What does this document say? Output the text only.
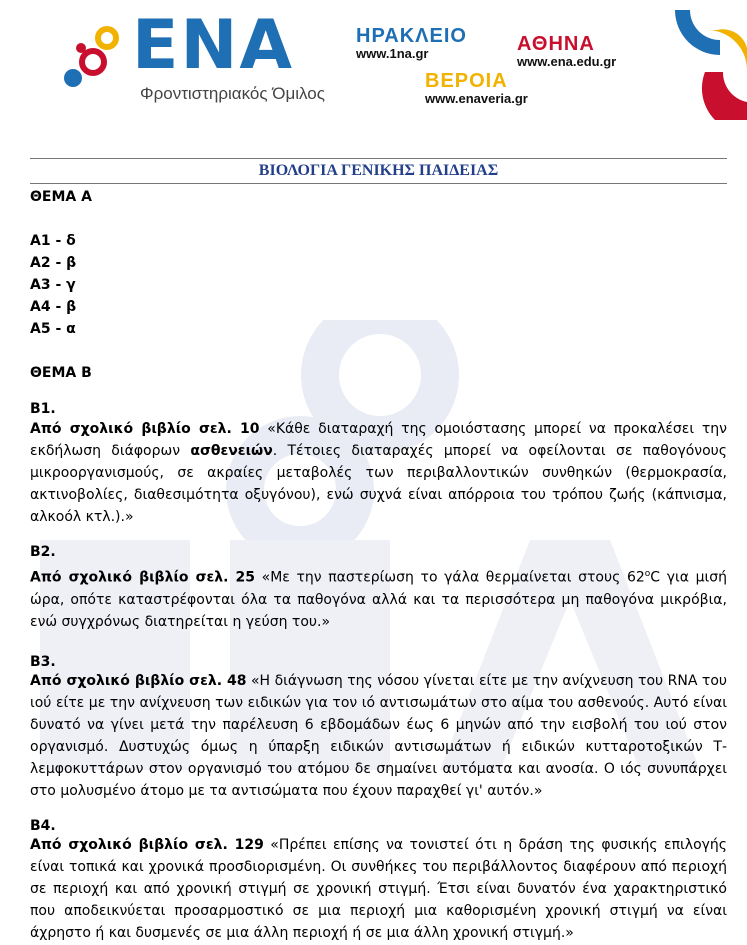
ENA
Φροντιστηριακός Όμιλος
ΗΡΑΚΛΕΙΟ
www.1na.gr	ΑΘΗΝΑ
www.ena.edu.gr
ΒΕΡΟΙΑ
www.enaveria.gr
ΒΙΟΛΟΓΙΑ ΓΕΝΙΚΗΣ ΠΑΙΔΕΙΑΣ
ΘΕΜΑ Α
Α1 - δ
Α2 - β
Α3 - γ
Α4 - β
Α5 - α
ΘΕΜΑ Β
Β1.
Από σχολικό βιβλίο σελ. 10 «Κάθε διαταραχή της ομοιόστασης μπορεί να προκαλέσει την εκδήλωση διάφορων ασθενειών. Τέτοιες διαταραχές μπορεί να οφείλονται σε παθογόνους μικροοργανισμούς, σε ακραίες μεταβολές των περιβαλλοντικών συνθηκών (θερμοκρασία, ακτινοβολίες, διαθεσιμότητα οξυγόνου), ενώ συχνά είναι απόρροια του τρόπου ζωής (κάπνισμα, αλκοόλ κτλ.).»
Β2.
Από σχολικό βιβλίο σελ. 25 «Με την παστερίωση το γάλα θερμαίνεται στους 62$^o$C για μισή ώρα, οπότε καταστρέφονται όλα τα παθογόνα αλλά και τα περισσότερα μη παθογόνα μικρόβια, ενώ συγχρόνως διατηρείται η γεύση του.»
Β3.
Από σχολικό βιβλίο σελ. 48 «Η διάγνωση της νόσου γίνεται είτε με την ανίχνευση του RNA του ιού είτε με την ανίχνευση των ειδικών για τον ιό αντισωμάτων στο αίμα του ασθενούς. Αυτό είναι δυνατό να γίνει μετά την παρέλευση 6 εβδομάδων έως 6 μηνών από την εισβολή του ιού στον οργανισμό. Δυστυχώς όμως η ύπαρξη ειδικών αντισωμάτων ή ειδικών κυτταροτοξικών Τ-λεμφοκυττάρων στον οργανισμό του ατόμου δε σημαίνει αυτόματα και ανοσία. Ο ιός συνυπάρχει στο μολυσμένο άτομο με τα αντισώματα που έχουν παραχθεί γι' αυτόν.»
Β4.
Από σχολικό βιβλίο σελ. 129 «Πρέπει επίσης να τονιστεί ότι η δράση της φυσικής επιλογής είναι τοπικά και χρονικά προσδιορισμένη. Οι συνθήκες του περιβάλλοντος διαφέρουν από περιοχή σε περιοχή και από χρονική στιγμή σε χρονική στιγμή. Έτσι είναι δυνατόν ένα χαρακτηριστικό που αποδεικνύεται προσαρμοστικό σε μια περιοχή μια καθορισμένη χρονική στιγμή να είναι άχρηστο ή και δυσμενές σε μια άλλη περιοχή ή σε μια άλλη χρονική στιγμή.»
